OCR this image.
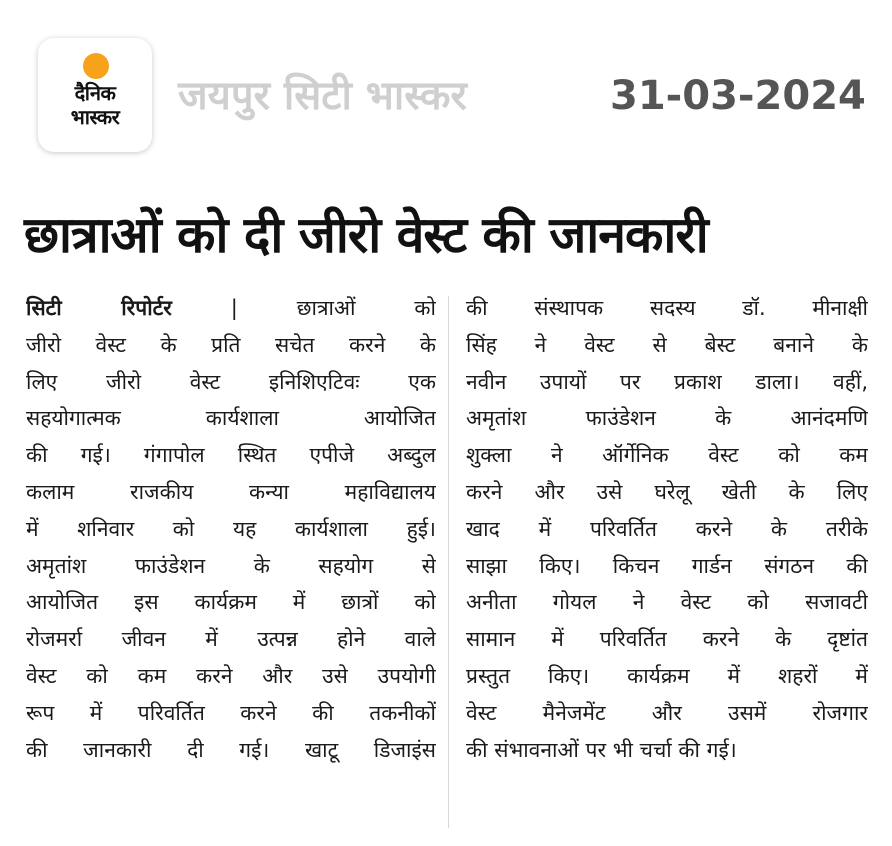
दैनिक
भास्कर	जयपुर सिटी भास्कर	31-03-2024
छात्राओं को दी जीरो वेस्ट की जानकारी
सिटी रिपोर्टर	|	छात्राओं को
जीरो वेस्ट के प्रति सचेत करने के
लिए जीरो वेस्ट इनिशिएटिवः एक
सहयोगात्मक कार्यशाला आयोजित
की गई। गंगापोल स्थित एपीजे अब्दुल
कलाम राजकीय कन्या महाविद्यालय
में शनिवार को यह कार्यशाला हुई।
अमृतांश फाउंडेशन के सहयोग से
आयोजित इस कार्यक्रम में छात्रों को
रोजमर्रा जीवन में उत्पन्न होने वाले
वेस्ट को कम करने और उसे उपयोगी
रूप में परिवर्तित करने की तकनीकों
की जानकारी दी गई। खाटू डिजाइंस
की संस्थापक सदस्य डॉ. मीनाक्षी
सिंह ने वेस्ट से बेस्ट बनाने के
नवीन उपायों पर प्रकाश डाला। वहीं,
अमृतांश फाउंडेशन के आनंदमणि
शुक्ला ने ऑर्गेनिक वेस्ट को कम
करने और उसे घरेलू खेती के लिए
खाद में परिवर्तित करने के तरीके
साझा किए। किचन गार्डन संगठन की
अनीता गोयल ने वेस्ट को सजावटी
सामान में परिवर्तित करने के दृष्टांत
प्रस्तुत किए। कार्यक्रम में शहरों में
वेस्ट मैनेजमेंट और उसमें रोजगार
की संभावनाओं पर भी चर्चा की गई।
